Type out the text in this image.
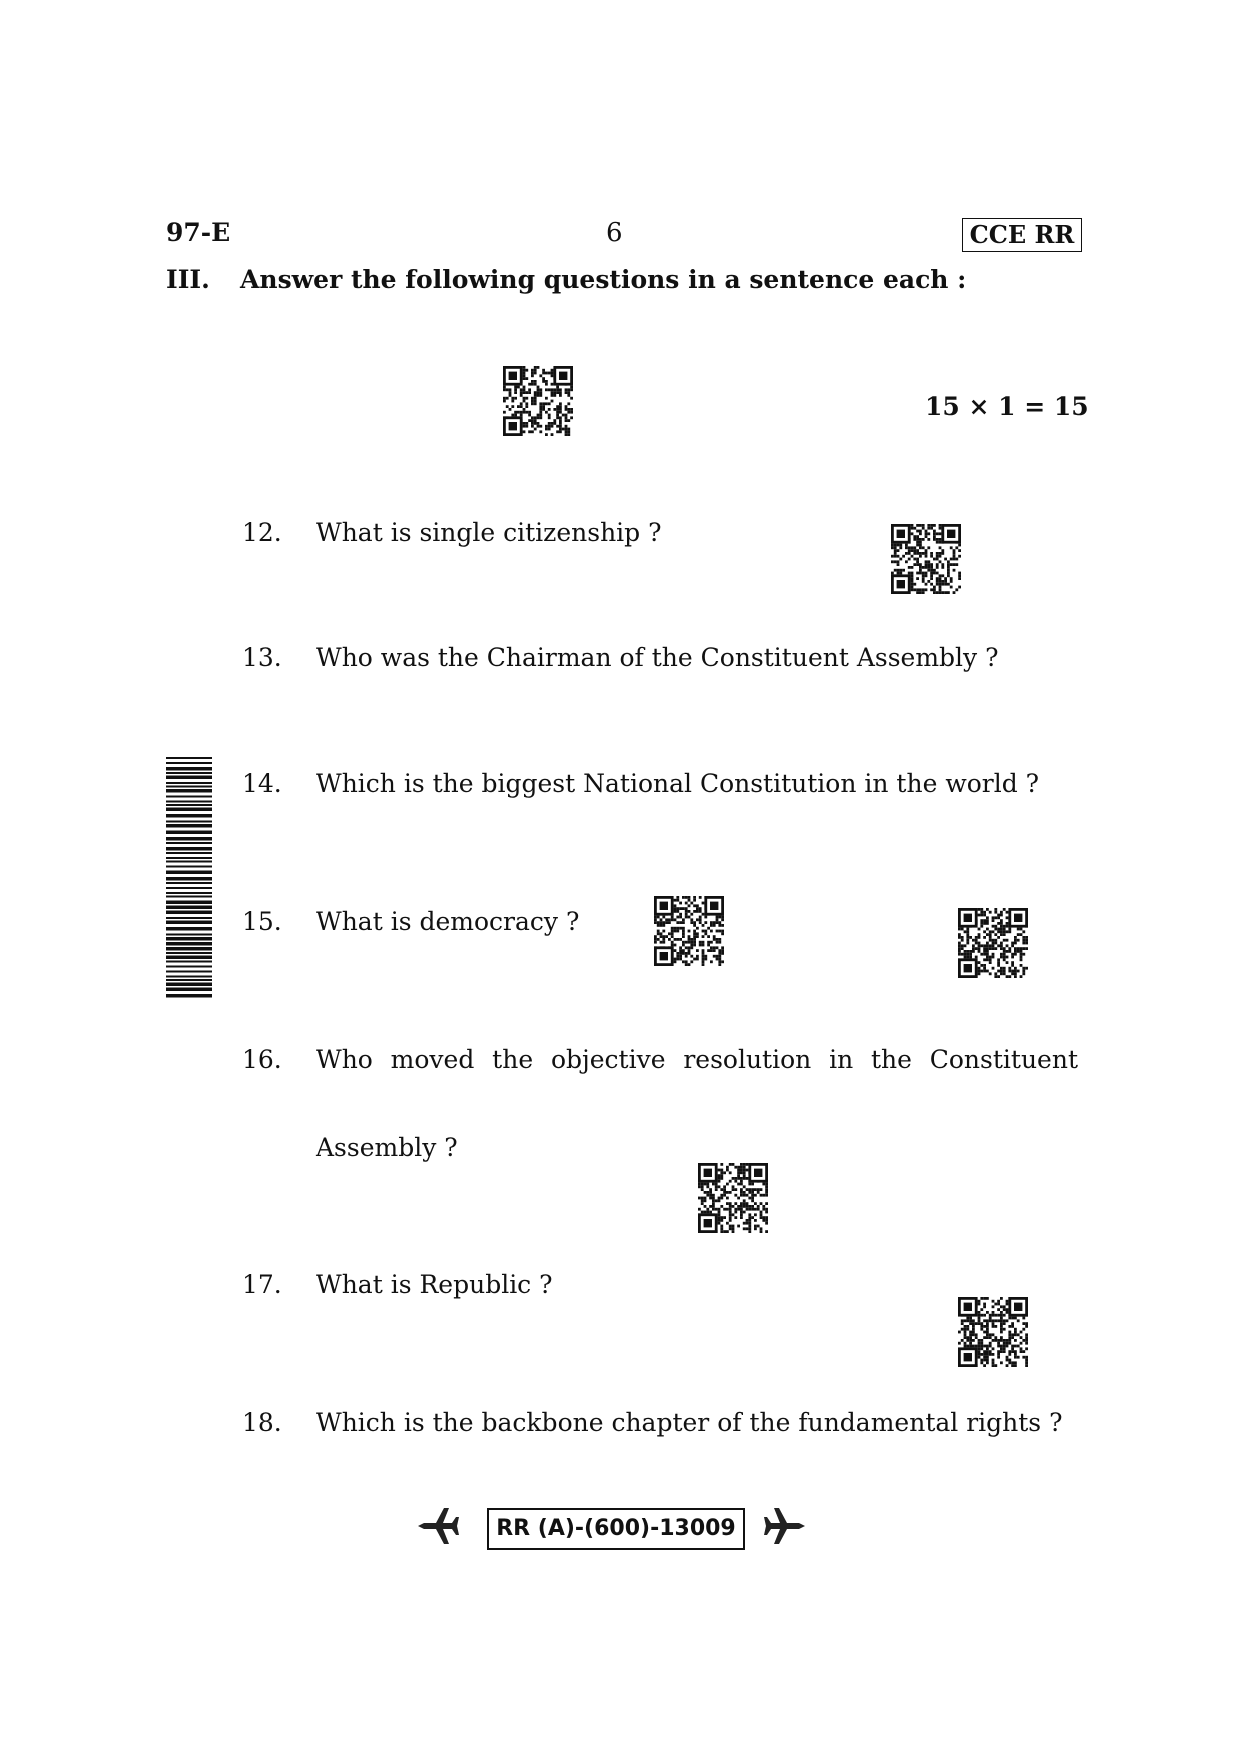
97-E	6	CCE RR
III. Answer the following questions in a sentence each :
15 × 1 = 15
12. What is single citizenship ?
13. Who was the Chairman of the Constituent Assembly ?
14. Which is the biggest National Constitution in the world ?
15. What is democracy ?
16. Who moved the objective resolution in the Constituent
Assembly ?
17. What is Republic ?
18. Which is the backbone chapter of the fundamental rights ?
RR (A)-(600)-13009
